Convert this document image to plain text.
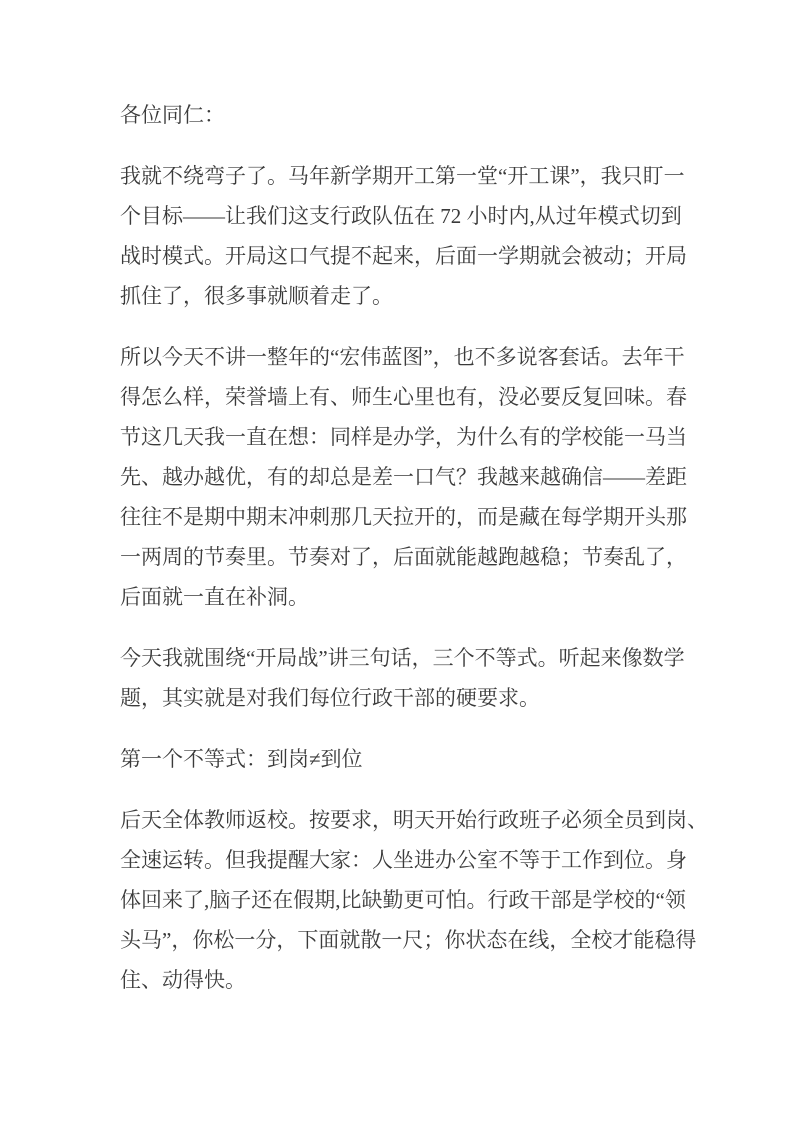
各位同仁：
我就不绕弯子了。马年新学期开工第一堂“开工课”，我只盯一
个目标——让我们这支行政队伍在 72 小时内,从过年模式切到
战时模式。开局这口气提不起来，后面一学期就会被动；开局
抓住了，很多事就顺着走了。
所以今天不讲一整年的“宏伟蓝图”，也不多说客套话。去年干
得怎么样，荣誉墙上有、师生心里也有，没必要反复回味。春
节这几天我一直在想：同样是办学，为什么有的学校能一马当
先、越办越优，有的却总是差一口气？我越来越确信——差距
往往不是期中期末冲刺那几天拉开的，而是藏在每学期开头那
一两周的节奏里。节奏对了，后面就能越跑越稳；节奏乱了，
后面就一直在补洞。
今天我就围绕“开局战”讲三句话，三个不等式。听起来像数学
题，其实就是对我们每位行政干部的硬要求。
第一个不等式：到岗≠到位
后天全体教师返校。按要求，明天开始行政班子必须全员到岗、
全速运转。但我提醒大家：人坐进办公室不等于工作到位。身
体回来了,脑子还在假期,比缺勤更可怕。行政干部是学校的“领
头马”，你松一分，下面就散一尺；你状态在线，全校才能稳得
住、动得快。
